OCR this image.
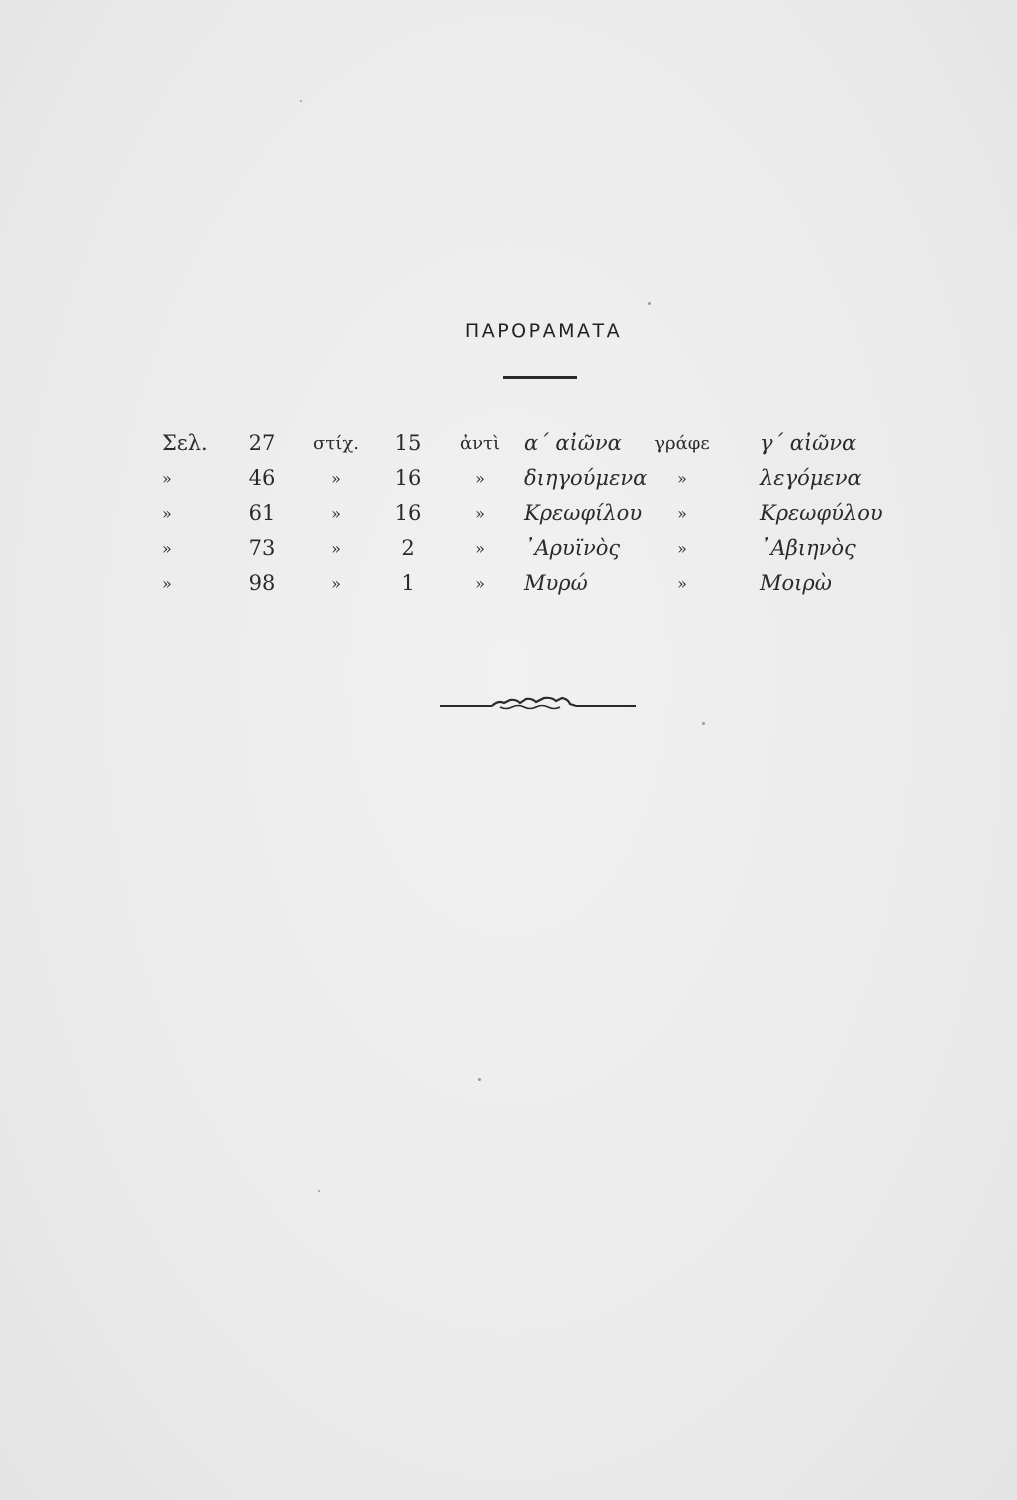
ΠΑΡΟΡΑΜΑΤΑ
Σελ.	27	στίχ.	15	ἀντὶ	α΄ αἰῶνα	γράφε	γ΄ αἰῶνα
»	46	»	16	»	διηγούμενα	»	λεγόμενα
»	61	»	16	»	Κρεωφίλου	»	Κρεωφύλου
»	73	»	2	»	᾿Αρυϊνὸς	»	᾿Αβιηνὸς
»	98	»	1	»	Μυρώ	»	Μοιρὼ
